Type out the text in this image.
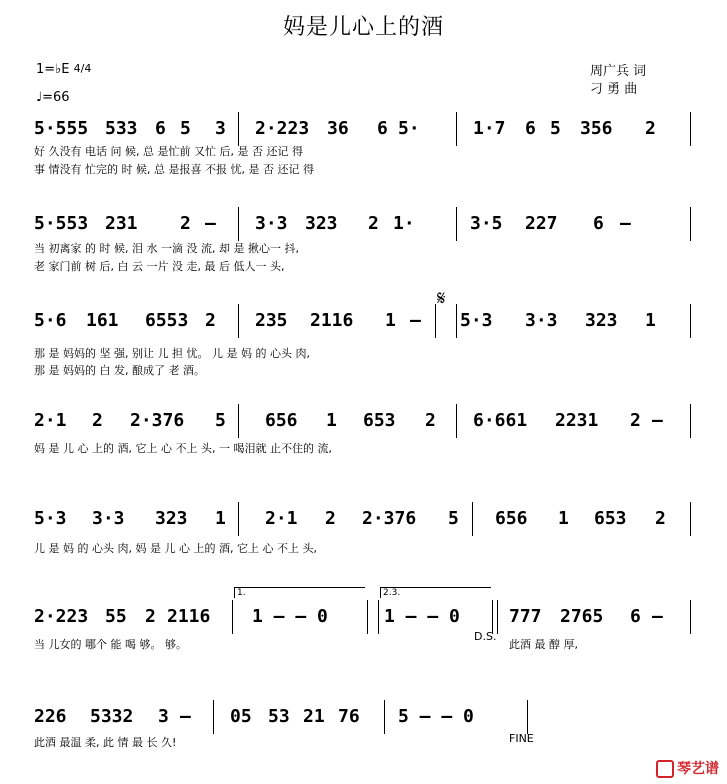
妈是儿心上的酒
1=♭E $^{4/4}$
♩=66
周广兵 词
刁 勇 曲
5·555 533 6 5 3 2·223 36 6 5·	1·7 6 5 356 2
好 久没有 电话 问 候, 总 是忙前 又忙 后, 是 否 还记 得
事 情没有 忙完的 时 候, 总 是报喜 不报 忧, 是 否 还记 得
5·553 231 2 – 3·3 323 2 1·	3·5 227 6 –
当 初离家 的 时 候, 泪 水 一滴 没 流, 却 是 揪心一 抖,
老 家门前 树 后, 白 云 一片 没 走, 最 后 低人一 头,
5·6 161 6553 2 235 2116 1 – 5·3 3·3 323 1
那 是 妈妈的 坚 强, 别让 儿 担 忧。 儿 是 妈 的 心头 肉,
那 是 妈妈的 白 发, 酿成了 老 酒。
2·1 2 2·376 5 656 1 653 2 6·661 2231 2 –
妈 是 儿 心 上的 酒, 它上 心 不上 头, 一 喝泪就 止不住的 流,
5·3 3·3 323 1 2·1 2 2·376 5 656 1 653 2
儿 是 妈 的 心头 肉, 妈 是 儿 心 上的 酒, 它上 心 不上 头,
2·223 55 2 2116 1 – – 0	1 – – 0	777 2765 6 –
当 儿女的 哪个 能 喝 够。 够。
226 5332 3 – 05 53 21 76 5 – – 0
此酒 最温 柔, 此 情 最 长 久!
此酒 最 醇 厚,
𝄋
1.	2.3.
D.S.
FINE
琴艺谱
